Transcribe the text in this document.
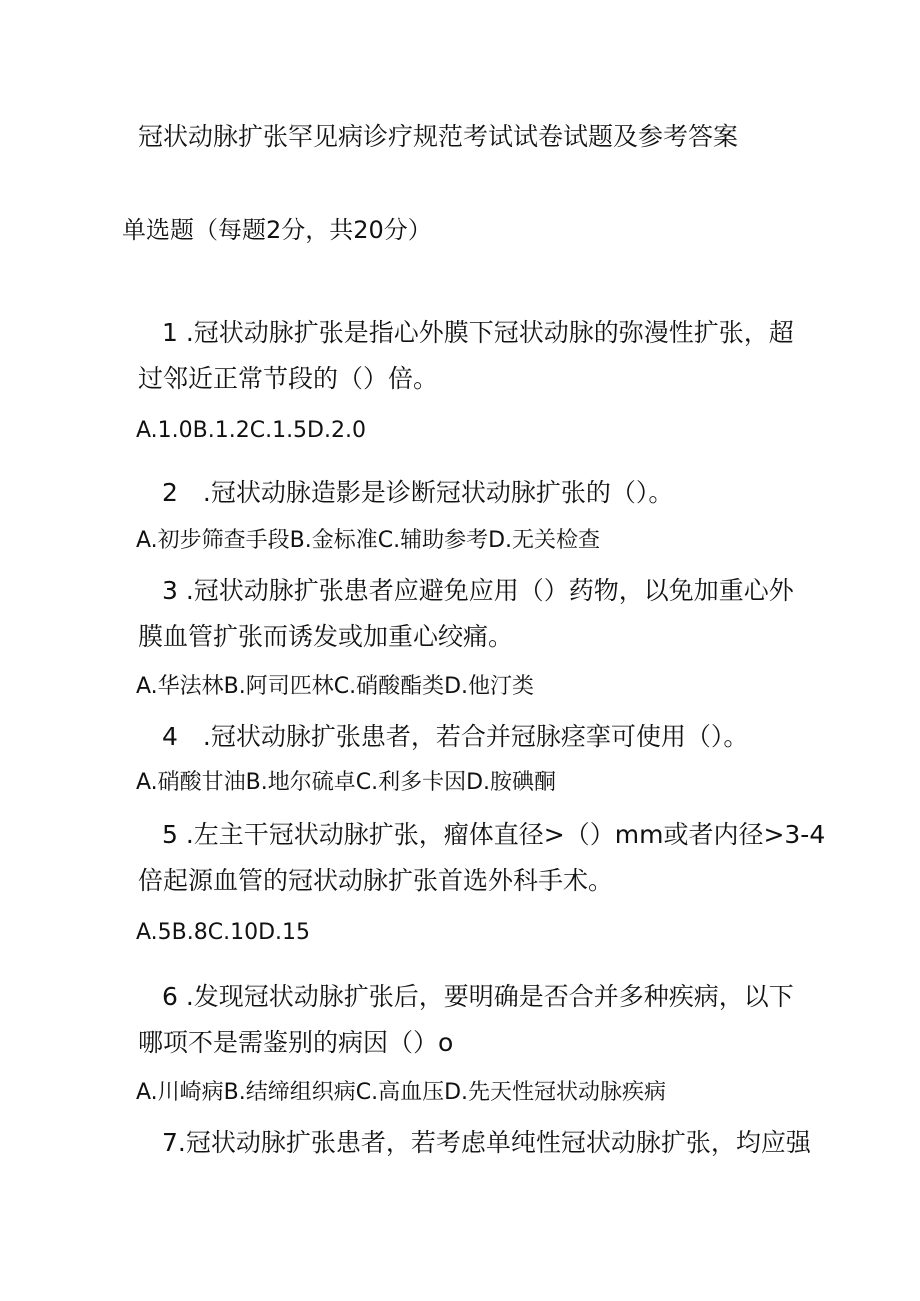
冠状动脉扩张罕见病诊疗规范考试试卷试题及参考答案
单选题（每题2分，共20分）
1 .冠状动脉扩张是指心外膜下冠状动脉的弥漫性扩张，超
过邻近正常节段的（）倍。
A.1.0B.1.2C.1.5D.2.0
2　.冠状动脉造影是诊断冠状动脉扩张的（）。
A.初步筛查手段B.金标准C.辅助参考D.无关检查
3 .冠状动脉扩张患者应避免应用（）药物，以免加重心外
膜血管扩张而诱发或加重心绞痛。
A.华法林B.阿司匹林C.硝酸酯类D.他汀类
4　.冠状动脉扩张患者，若合并冠脉痉挛可使用（）。
A.硝酸甘油B.地尔硫卓C.利多卡因D.胺碘酮
5 .左主干冠状动脉扩张，瘤体直径>（）mm或者内径>3-4
倍起源血管的冠状动脉扩张首选外科手术。
A.5B.8C.10D.15
6 .发现冠状动脉扩张后，要明确是否合并多种疾病，以下
哪项不是需鉴别的病因（）o
A.川崎病B.结缔组织病C.高血压D.先天性冠状动脉疾病
7.冠状动脉扩张患者，若考虑单纯性冠状动脉扩张，均应强
